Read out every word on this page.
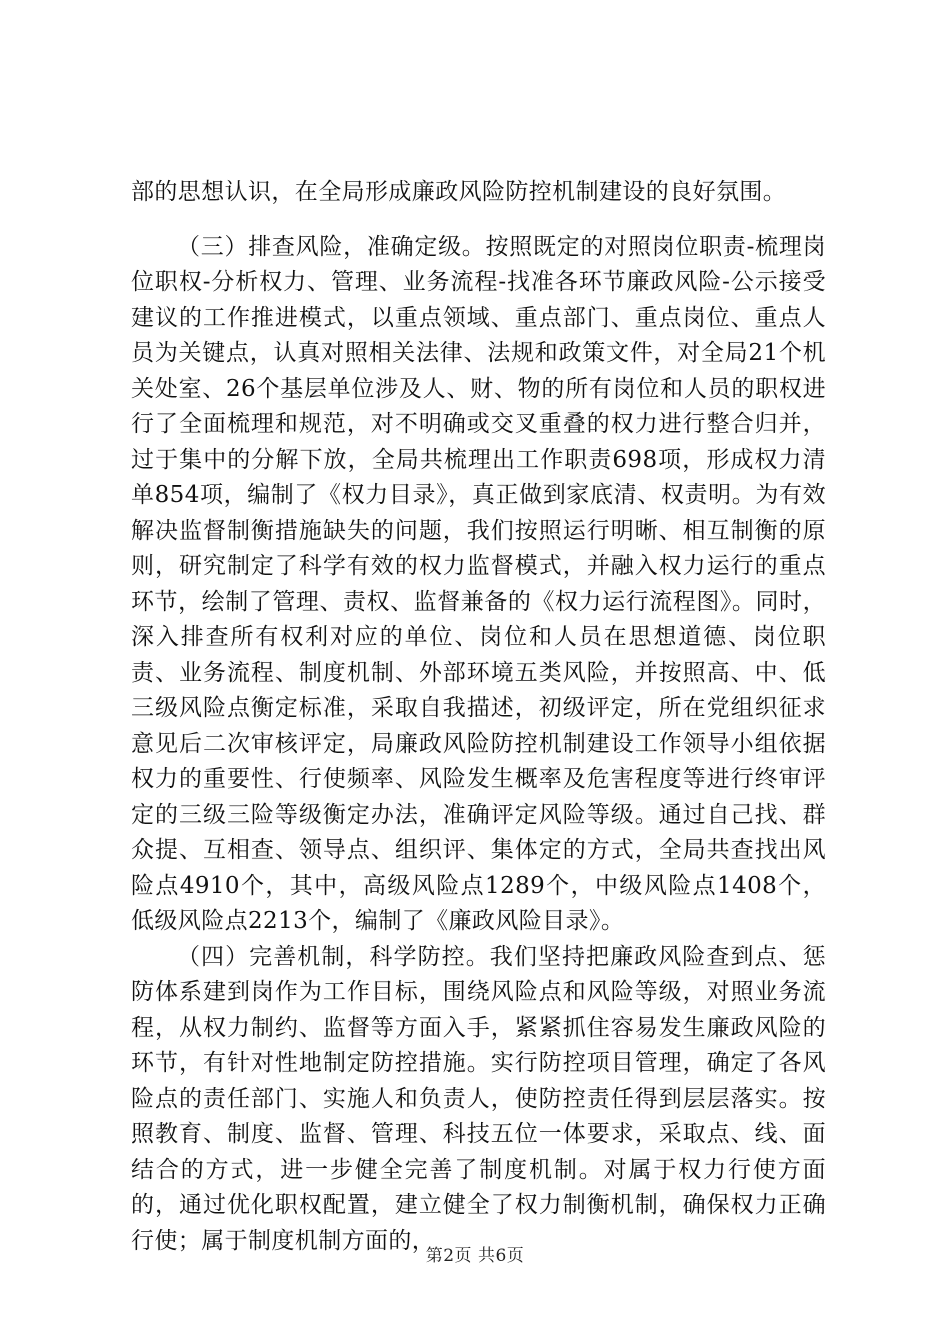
部的思想认识，在全局形成廉政风险防控机制建设的良好氛围。

（三）排查风险，准确定级。按照既定的对照岗位职责-梳理岗位职权-分析权力、管理、业务流程-找准各环节廉政风险-公示接受建议的工作推进模式，以重点领域、重点部门、重点岗位、重点人员为关键点，认真对照相关法律、法规和政策文件，对全局21个机关处室、26个基层单位涉及人、财、物的所有岗位和人员的职权进行了全面梳理和规范，对不明确或交叉重叠的权力进行整合归并，过于集中的分解下放，全局共梳理出工作职责698项，形成权力清单854项，编制了《权力目录》，真正做到家底清、权责明。为有效解决监督制衡措施缺失的问题，我们按照运行明晰、相互制衡的原则，研究制定了科学有效的权力监督模式，并融入权力运行的重点环节，绘制了管理、责权、监督兼备的《权力运行流程图》。同时，深入排查所有权利对应的单位、岗位和人员在思想道德、岗位职责、业务流程、制度机制、外部环境五类风险，并按照高、中、低三级风险点衡定标准，采取自我描述，初级评定，所在党组织征求意见后二次审核评定，局廉政风险防控机制建设工作领导小组依据权力的重要性、行使频率、风险发生概率及危害程度等进行终审评定的三级三险等级衡定办法，准确评定风险等级。通过自己找、群众提、互相查、领导点、组织评、集体定的方式，全局共查找出风险点4910个，其中，高级风险点1289个，中级风险点1408个，低级风险点2213个，编制了《廉政风险目录》。

（四）完善机制，科学防控。我们坚持把廉政风险查到点、惩防体系建到岗作为工作目标，围绕风险点和风险等级，对照业务流程，从权力制约、监督等方面入手，紧紧抓住容易发生廉政风险的环节，有针对性地制定防控措施。实行防控项目管理，确定了各风险点的责任部门、实施人和负责人，使防控责任得到层层落实。按照教育、制度、监督、管理、科技五位一体要求，采取点、线、面结合的方式，进一步健全完善了制度机制。对属于权力行使方面的，通过优化职权配置，建立健全了权力制衡机制，确保权力正确行使；属于制度机制方面的，

第2页 共6页
